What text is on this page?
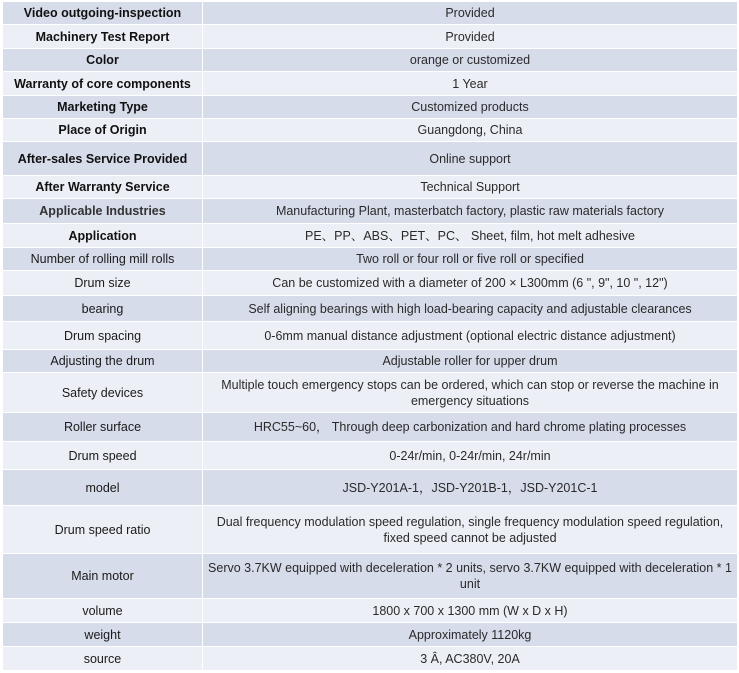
Video outgoing-inspection	Provided
Machinery Test Report	Provided
Color	orange or customized
Warranty of core components	1 Year
Marketing Type	Customized products
Place of Origin	Guangdong, China
After-sales Service Provided	Online support
After Warranty Service	Technical Support
Applicable Industries	Manufacturing Plant, masterbatch factory, plastic raw materials factory
Application	PE、PP、ABS、PET、PC、 Sheet, film, hot melt adhesive
Number of rolling mill rolls	Two roll or four roll or five roll or specified
Drum size	Can be customized with a diameter of 200 × L300mm (6 ", 9", 10 ", 12")
bearing	Self aligning bearings with high load-bearing capacity and adjustable clearances
Drum spacing	0-6mm manual distance adjustment (optional electric distance adjustment)
Adjusting the drum	Adjustable roller for upper drum
Safety devices	Multiple touch emergency stops can be ordered, which can stop or reverse the machine in emergency situations
Roller surface	HRC55~60， Through deep carbonization and hard chrome plating processes
Drum speed	0-24r/min, 0-24r/min, 24r/min
model	JSD-Y201A-1，JSD-Y201B-1，JSD-Y201C-1
Drum speed ratio	Dual frequency modulation speed regulation, single frequency modulation speed regulation, fixed speed cannot be adjusted
Main motor	Servo 3.7KW equipped with deceleration * 2 units, servo 3.7KW equipped with deceleration * 1 unit
volume	1800 x 700 x 1300 mm (W x D x H)
weight	Approximately 1120kg
source	3 Â, AC380V, 20A
